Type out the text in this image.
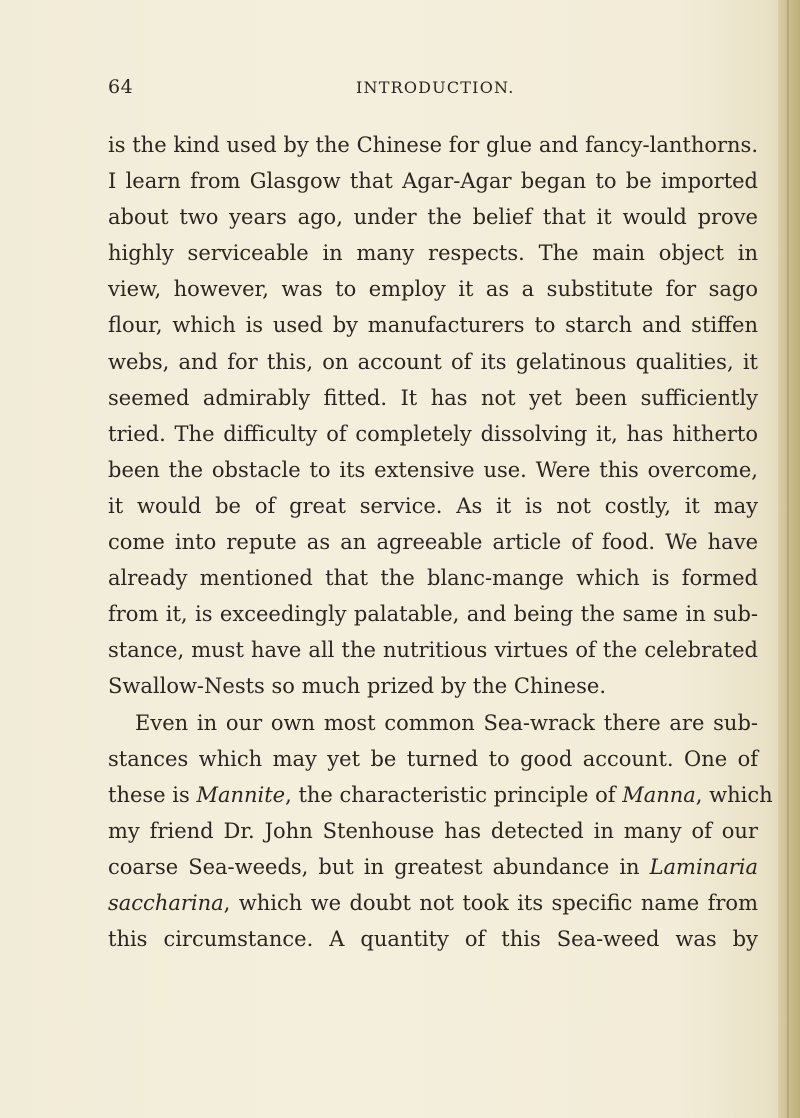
64	INTRODUCTION.
is the kind used by the Chinese for glue and fancy-lanthorns.
I learn from Glasgow that Agar-Agar began to be imported
about two years ago, under the belief that it would prove
highly serviceable in many respects. The main object in
view, however, was to employ it as a substitute for sago
flour, which is used by manufacturers to starch and stiffen
webs, and for this, on account of its gelatinous qualities, it
seemed admirably fitted. It has not yet been sufficiently
tried. The difficulty of completely dissolving it, has hitherto
been the obstacle to its extensive use. Were this overcome,
it would be of great service. As it is not costly, it may
come into repute as an agreeable article of food. We have
already mentioned that the blanc-mange which is formed
from it, is exceedingly palatable, and being the same in sub-
stance, must have all the nutritious virtues of the celebrated
Swallow-Nests so much prized by the Chinese.
Even in our own most common Sea-wrack there are sub-
stances which may yet be turned to good account. One of
these is Mannite, the characteristic principle of Manna, which
my friend Dr. John Stenhouse has detected in many of our
coarse Sea-weeds, but in greatest abundance in Laminaria
saccharina, which we doubt not took its specific name from
this circumstance. A quantity of this Sea-weed was by
